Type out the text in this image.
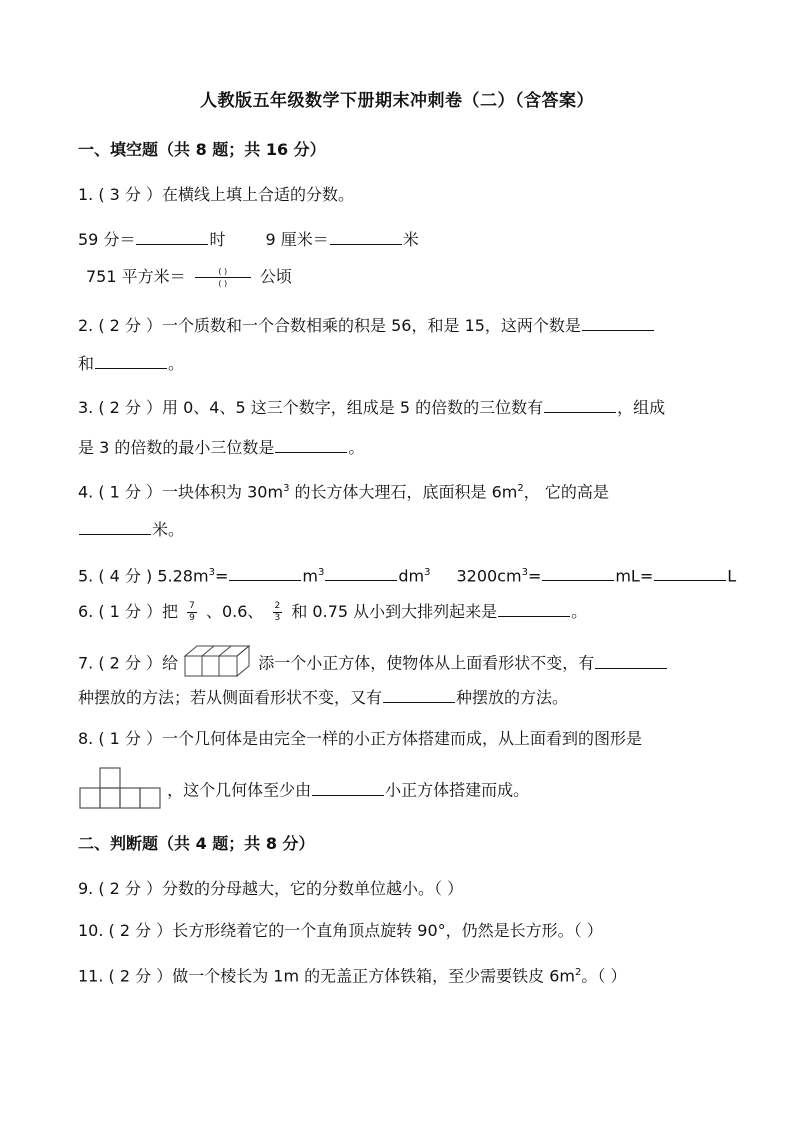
人教版五年级数学下册期末冲刺卷（二）（含答案）
一、填空题（共 8 题；共 16 分）
1. ( 3 分 ）在横线上填上合适的分数。
59 分＝	时	9 厘米＝	米
751 平方米＝ $\frac{( )}{( )}$ 公顷
2. ( 2 分 ）一个质数和一个合数相乘的积是 56，和是 15，这两个数是
和	。
3. ( 2 分 ）用 0、4、5 这三个数字，组成是 5 的倍数的三位数有	，组成
是 3 的倍数的最小三位数是	。
4. ( 1 分 ）一块体积为 $30m^3$ 的长方体大理石，底面积是 $6m^2$， 它的高是
米。
5. ( 4 分 ) $5.28m^3=$	$m^3$	$dm^3$ $3200cm^3=$	mL=	L
6. ( 1 分 ）把 $\frac{7}{9}$ 、0.6、 $\frac{2}{3}$ 和 0.75 从小到大排列起来是	。
7. ( 2 分 ）给	添一个小正方体，使物体从上面看形状不变，有
种摆放的方法；若从侧面看形状不变，又有	种摆放的方法。
8. ( 1 分 ）一个几何体是由完全一样的小正方体搭建而成，从上面看到的图形是
，这个几何体至少由	小正方体搭建而成。
二、判断题（共 4 题；共 8 分）
9. ( 2 分 ）分数的分母越大，它的分数单位越小。（ ）
10. ( 2 分 ）长方形绕着它的一个直角顶点旋转 90°，仍然是长方形。（ ）
11. ( 2 分 ）做一个棱长为 1m 的无盖正方体铁箱，至少需要铁皮 $6m^2$。（ ）
